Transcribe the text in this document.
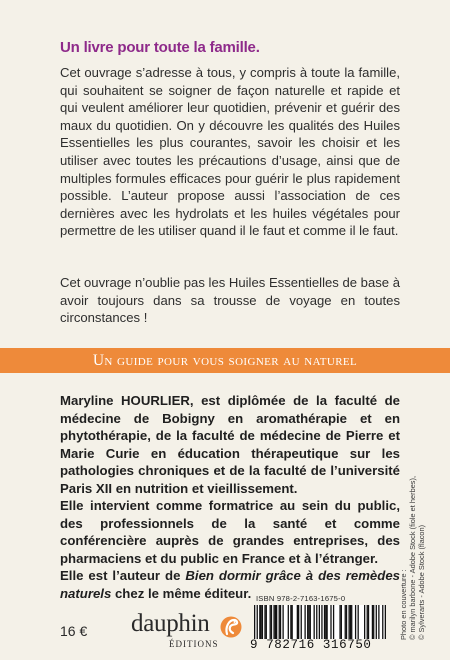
Un livre pour toute la famille.

Cet ouvrage s’adresse à tous, y compris à toute la famille, qui souhaitent se soigner de façon naturelle et rapide et qui veulent améliorer leur quotidien, prévenir et guérir des maux du quotidien. On y découvre les qualités des Huiles Essentielles les plus courantes, savoir les choisir et les utiliser avec toutes les précautions d’usage, ainsi que de multiples formules efficaces pour guérir le plus rapidement possible. L’auteur propose aussi l’association de ces dernières avec les hydrolats et les huiles végétales pour permettre de les utiliser quand il le faut et comme il le faut.

Cet ouvrage n’oublie pas les Huiles Essentielles de base à avoir toujours dans sa trousse de voyage en toutes circonstances !

Un guide pour vous soigner au naturel

Maryline HOURLIER, est diplômée de la faculté de médecine de Bobigny en aromathérapie et en phytothérapie, de la faculté de médecine de Pierre et Marie Curie en éducation thérapeutique sur les pathologies chroniques et de la faculté de l’université Paris XII en nutrition et vieillissement.

Elle intervient comme formatrice au sein du public, des professionnels de la santé et comme conférencière auprès de grandes entreprises, des pharmaciens et du public en France et à l’étranger.

Elle est l’auteur de Bien dormir grâce à des remèdes naturels chez le même éditeur.	Photo en couverture : © marilyn barbone - Adobe Stock (fiole et herbes), © Sylverarts - Adobe Stock (flacon)
16 € dauphin
ÉDITIONS
ISBN 978-2-7163-1675-0
9 782716 316750
